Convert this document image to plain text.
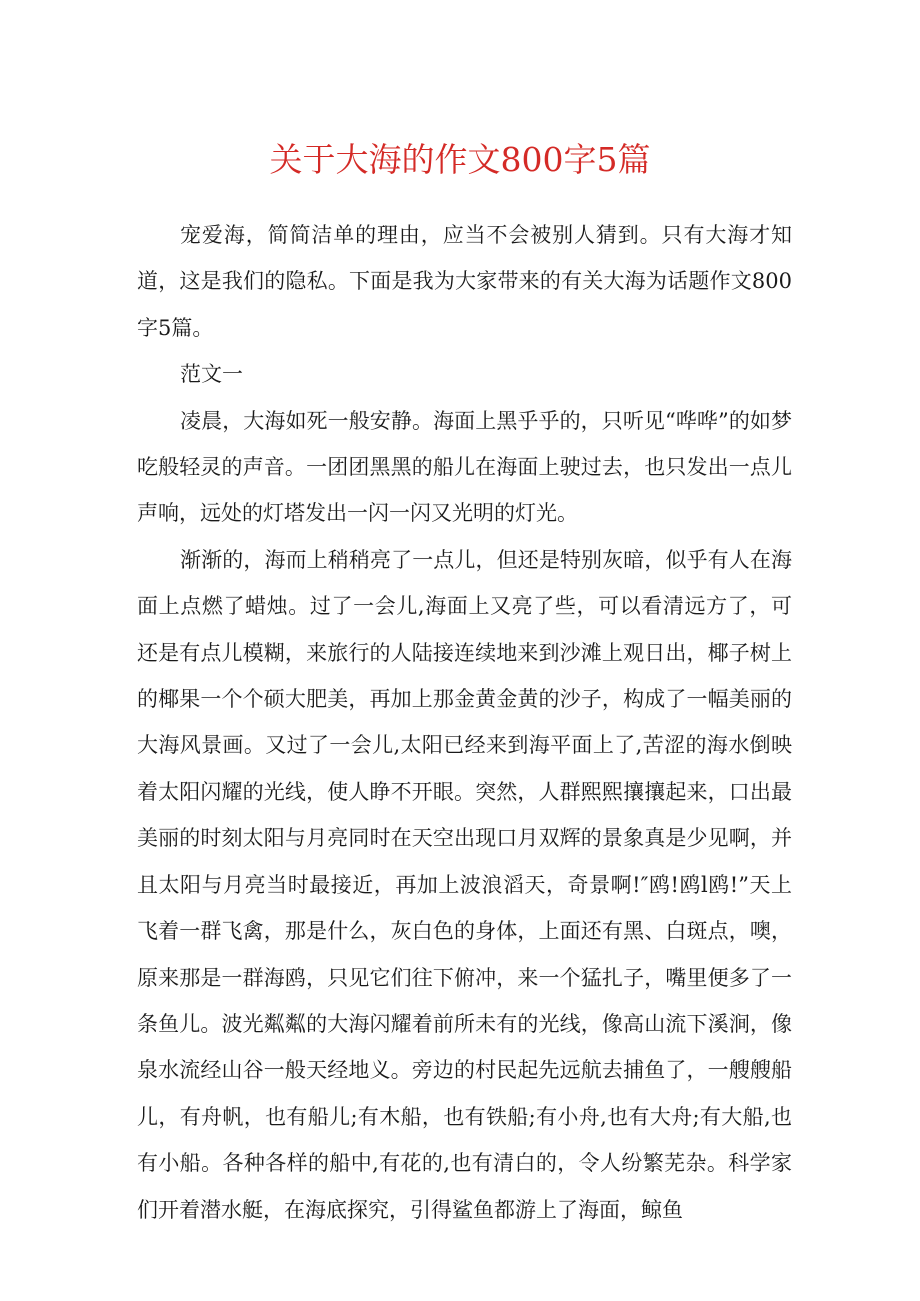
关于大海的作文800字5篇

宠爱海，简简洁单的理由，应当不会被别人猜到。只有大海才知道，这是我们的隐私。下面是我为大家带来的有关大海为话题作文800字5篇。

范文一

凌晨，大海如死一般安静。海面上黑乎乎的，只听见“哗哗”的如梦吃般轻灵的声音。一团团黑黑的船儿在海面上驶过去，也只发出一点儿声响，远处的灯塔发出一闪一闪又光明的灯光。

渐渐的，海而上稍稍亮了一点儿，但还是特别灰暗，似乎有人在海面上点燃了蜡烛。过了一会儿,海面上又亮了些，可以看清远方了，可还是有点儿模糊，来旅行的人陆接连续地来到沙滩上观日出，椰子树上的椰果一个个硕大肥美，再加上那金黄金黄的沙子，构成了一幅美丽的大海风景画。又过了一会儿,太阳已经来到海平面上了,苦涩的海水倒映着太阳闪耀的光线，使人睁不开眼。突然，人群熙熙攘攘起来，口出最美丽的时刻太阳与月亮同时在天空出现口月双辉的景象真是少见啊，并且太阳与月亮当时最接近，再加上波浪滔天，奇景啊!″鸥!鸥l鸥!”天上飞着一群飞禽，那是什么，灰白色的身体，上面还有黑、白斑点，噢，原来那是一群海鸥，只见它们往下俯冲，来一个猛扎子，嘴里便多了一条鱼儿。波光粼粼的大海闪耀着前所未有的光线，像高山流下溪涧，像泉水流经山谷一般天经地义。旁边的村民起先远航去捕鱼了，一艘艘船儿，有舟帆，也有船儿;有木船，也有铁船;有小舟,也有大舟;有大船,也有小船。各种各样的船中,有花的,也有清白的，令人纷繁芜杂。科学家们开着潜水艇，在海底探究，引得鲨鱼都游上了海面，鲸鱼
